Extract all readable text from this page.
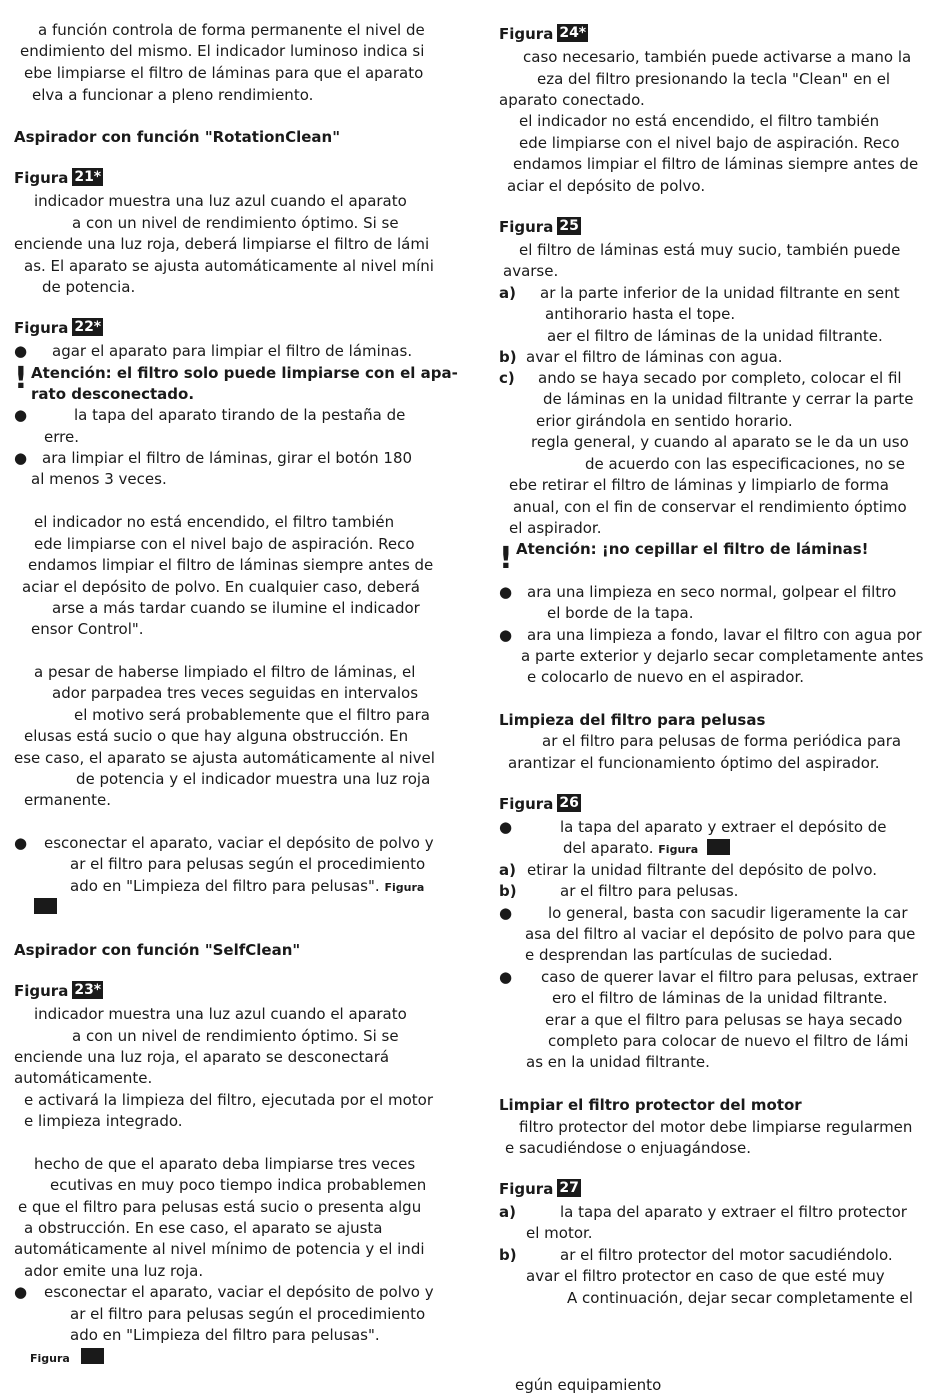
a función controla de forma permanente el nivel de
endimiento del mismo. El indicador luminoso indica si
ebe limpiarse el filtro de láminas para que el aparato
elva a funcionar a pleno rendimiento.
Aspirador con función "RotationClean"
Figura 21*
indicador muestra una luz azul cuando el aparato
a con un nivel de rendimiento óptimo. Si se
enciende una luz roja, deberá limpiarse el filtro de lámi
as. El aparato se ajusta automáticamente al nivel míni
de potencia.
Figura 22*
● agar el aparato para limpiar el filtro de láminas.
! Atención: el filtro solo puede limpiarse con el apa-
rato desconectado.
●	la tapa del aparato tirando de la pestaña de
erre.
● ara limpiar el filtro de láminas, girar el botón 180
al menos 3 veces.
el indicador no está encendido, el filtro también
ede limpiarse con el nivel bajo de aspiración. Reco
endamos limpiar el filtro de láminas siempre antes de
aciar el depósito de polvo. En cualquier caso, deberá
arse a más tardar cuando se ilumine el indicador
ensor Control".
a pesar de haberse limpiado el filtro de láminas, el
ador parpadea tres veces seguidas en intervalos
el motivo será probablemente que el filtro para
elusas está sucio o que hay alguna obstrucción. En
ese caso, el aparato se ajusta automáticamente al nivel
de potencia y el indicador muestra una luz roja
ermanente.
● esconectar el aparato, vaciar el depósito de polvo y
ar el filtro para pelusas según el procedimiento
ado en "Limpieza del filtro para pelusas". Figura
Aspirador con función "SelfClean"
Figura 23*
indicador muestra una luz azul cuando el aparato
a con un nivel de rendimiento óptimo. Si se
enciende una luz roja, el aparato se desconectará
automáticamente.
e activará la limpieza del filtro, ejecutada por el motor
e limpieza integrado.
hecho de que el aparato deba limpiarse tres veces
ecutivas en muy poco tiempo indica probablemen
e que el filtro para pelusas está sucio o presenta algu
a obstrucción. En ese caso, el aparato se ajusta
automáticamente al nivel mínimo de potencia y el indi
ador emite una luz roja.
● esconectar el aparato, vaciar el depósito de polvo y
ar el filtro para pelusas según el procedimiento
ado en "Limpieza del filtro para pelusas".
Figura
Figura 24*
caso necesario, también puede activarse a mano la
eza del filtro presionando la tecla "Clean" en el
aparato conectado.
el indicador no está encendido, el filtro también
ede limpiarse con el nivel bajo de aspiración. Reco
endamos limpiar el filtro de láminas siempre antes de
aciar el depósito de polvo.
Figura 25
el filtro de láminas está muy sucio, también puede
avarse.
a) ar la parte inferior de la unidad filtrante en sent
antihorario hasta el tope.
aer el filtro de láminas de la unidad filtrante.
b) avar el filtro de láminas con agua.
c) ando se haya secado por completo, colocar el fil
de láminas en la unidad filtrante y cerrar la parte
erior girándola en sentido horario.
regla general, y cuando al aparato se le da un uso
de acuerdo con las especificaciones, no se
ebe retirar el filtro de láminas y limpiarlo de forma
anual, con el fin de conservar el rendimiento óptimo
el aspirador.
! Atención: ¡no cepillar el filtro de láminas!
● ara una limpieza en seco normal, golpear el filtro
el borde de la tapa.
● ara una limpieza a fondo, lavar el filtro con agua por
a parte exterior y dejarlo secar completamente antes
e colocarlo de nuevo en el aspirador.
Limpieza del filtro para pelusas
ar el filtro para pelusas de forma periódica para
arantizar el funcionamiento óptimo del aspirador.
Figura 26
●	la tapa del aparato y extraer el depósito de
del aparato. Figura
a) etirar la unidad filtrante del depósito de polvo.
b)	ar el filtro para pelusas.
● lo general, basta con sacudir ligeramente la car
asa del filtro al vaciar el depósito de polvo para que
e desprendan las partículas de suciedad.
● caso de querer lavar el filtro para pelusas, extraer
ero el filtro de láminas de la unidad filtrante.
erar a que el filtro para pelusas se haya secado
completo para colocar de nuevo el filtro de lámi
as en la unidad filtrante.
Limpiar el filtro protector del motor
filtro protector del motor debe limpiarse regularmen
e sacudiéndose o enjuagándose.
Figura 27
a)	la tapa del aparato y extraer el filtro protector
el motor.
b)	ar el filtro protector del motor sacudiéndolo.
avar el filtro protector en caso de que esté muy
A continuación, dejar secar completamente el
egún equipamiento
